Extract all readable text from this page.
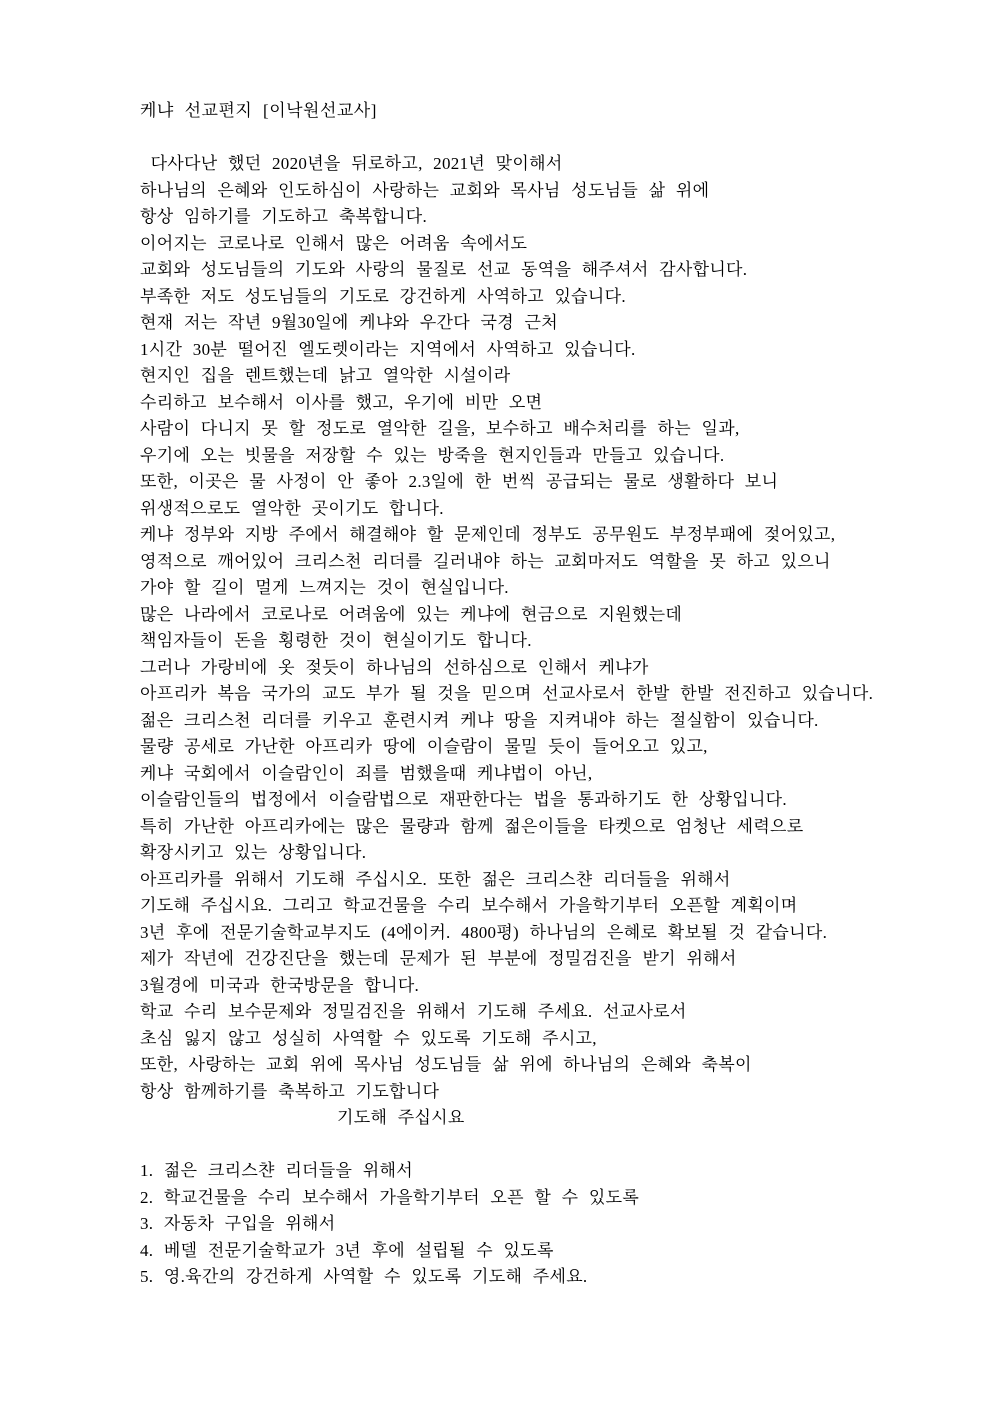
케냐 선교편지 [이낙원선교사]
다사다난 했던 2020년을 뒤로하고, 2021년 맞이해서
하나님의 은혜와 인도하심이 사랑하는 교회와 목사님 성도님들 삶 위에
항상 임하기를 기도하고 축복합니다.
이어지는 코로나로 인해서 많은 어려움 속에서도
교회와 성도님들의 기도와 사랑의 물질로 선교 동역을 해주셔서 감사합니다.
부족한 저도 성도님들의 기도로 강건하게 사역하고 있습니다.
현재 저는 작년 9월30일에 케냐와 우간다 국경 근처
1시간 30분 떨어진 엘도렛이라는 지역에서 사역하고 있습니다.
현지인 집을 렌트했는데 낡고 열악한 시설이라
수리하고 보수해서 이사를 했고, 우기에 비만 오면
사람이 다니지 못 할 정도로 열악한 길을, 보수하고 배수처리를 하는 일과,
우기에 오는 빗물을 저장할 수 있는 방죽을 현지인들과 만들고 있습니다.
또한, 이곳은 물 사정이 안 좋아 2.3일에 한 번씩 공급되는 물로 생활하다 보니
위생적으로도 열악한 곳이기도 합니다.
케냐 정부와 지방 주에서 해결해야 할 문제인데 정부도 공무원도 부정부패에 젖어있고,
영적으로 깨어있어 크리스천 리더를 길러내야 하는 교회마저도 역할을 못 하고 있으니
가야 할 길이 멀게 느껴지는 것이 현실입니다.
많은 나라에서 코로나로 어려움에 있는 케냐에 현금으로 지원했는데
책임자들이 돈을 횡령한 것이 현실이기도 합니다.
그러나 가랑비에 옷 젖듯이 하나님의 선하심으로 인해서 케냐가
아프리카 복음 국가의 교도 부가 될 것을 믿으며 선교사로서 한발 한발 전진하고 있습니다.
젊은 크리스천 리더를 키우고 훈련시켜 케냐 땅을 지켜내야 하는 절실함이 있습니다.
물량 공세로 가난한 아프리카 땅에 이슬람이 물밀 듯이 들어오고 있고,
케냐 국회에서 이슬람인이 죄를 범했을때 케냐법이 아닌,
이슬람인들의 법정에서 이슬람법으로 재판한다는 법을 통과하기도 한 상황입니다.
특히 가난한 아프리카에는 많은 물량과 함께 젊은이들을 타켓으로 엄청난 세력으로
확장시키고 있는 상황입니다.
아프리카를 위해서 기도해 주십시오. 또한 젊은 크리스챤 리더들을 위해서
기도해 주십시요. 그리고 학교건물을 수리 보수해서 가을학기부터 오픈할 계획이며
3년 후에 전문기술학교부지도 (4에이커. 4800평) 하나님의 은혜로 확보될 것 같습니다.
제가 작년에 건강진단을 했는데 문제가 된 부분에 정밀검진을 받기 위해서
3월경에 미국과 한국방문을 합니다.
학교 수리 보수문제와 정밀검진을 위해서 기도해 주세요. 선교사로서
초심 잃지 않고 성실히 사역할 수 있도록 기도해 주시고,
또한, 사랑하는 교회 위에 목사님 성도님들 삶 위에 하나님의 은혜와 축복이
항상 함께하기를 축복하고 기도합니다
기도해 주십시요
1. 젊은 크리스챤 리더들을 위해서
2. 학교건물을 수리 보수해서 가을학기부터 오픈 할 수 있도록
3. 자동차 구입을 위해서
4. 베델 전문기술학교가 3년 후에 설립될 수 있도록
5. 영.육간의 강건하게 사역할 수 있도록 기도해 주세요.
